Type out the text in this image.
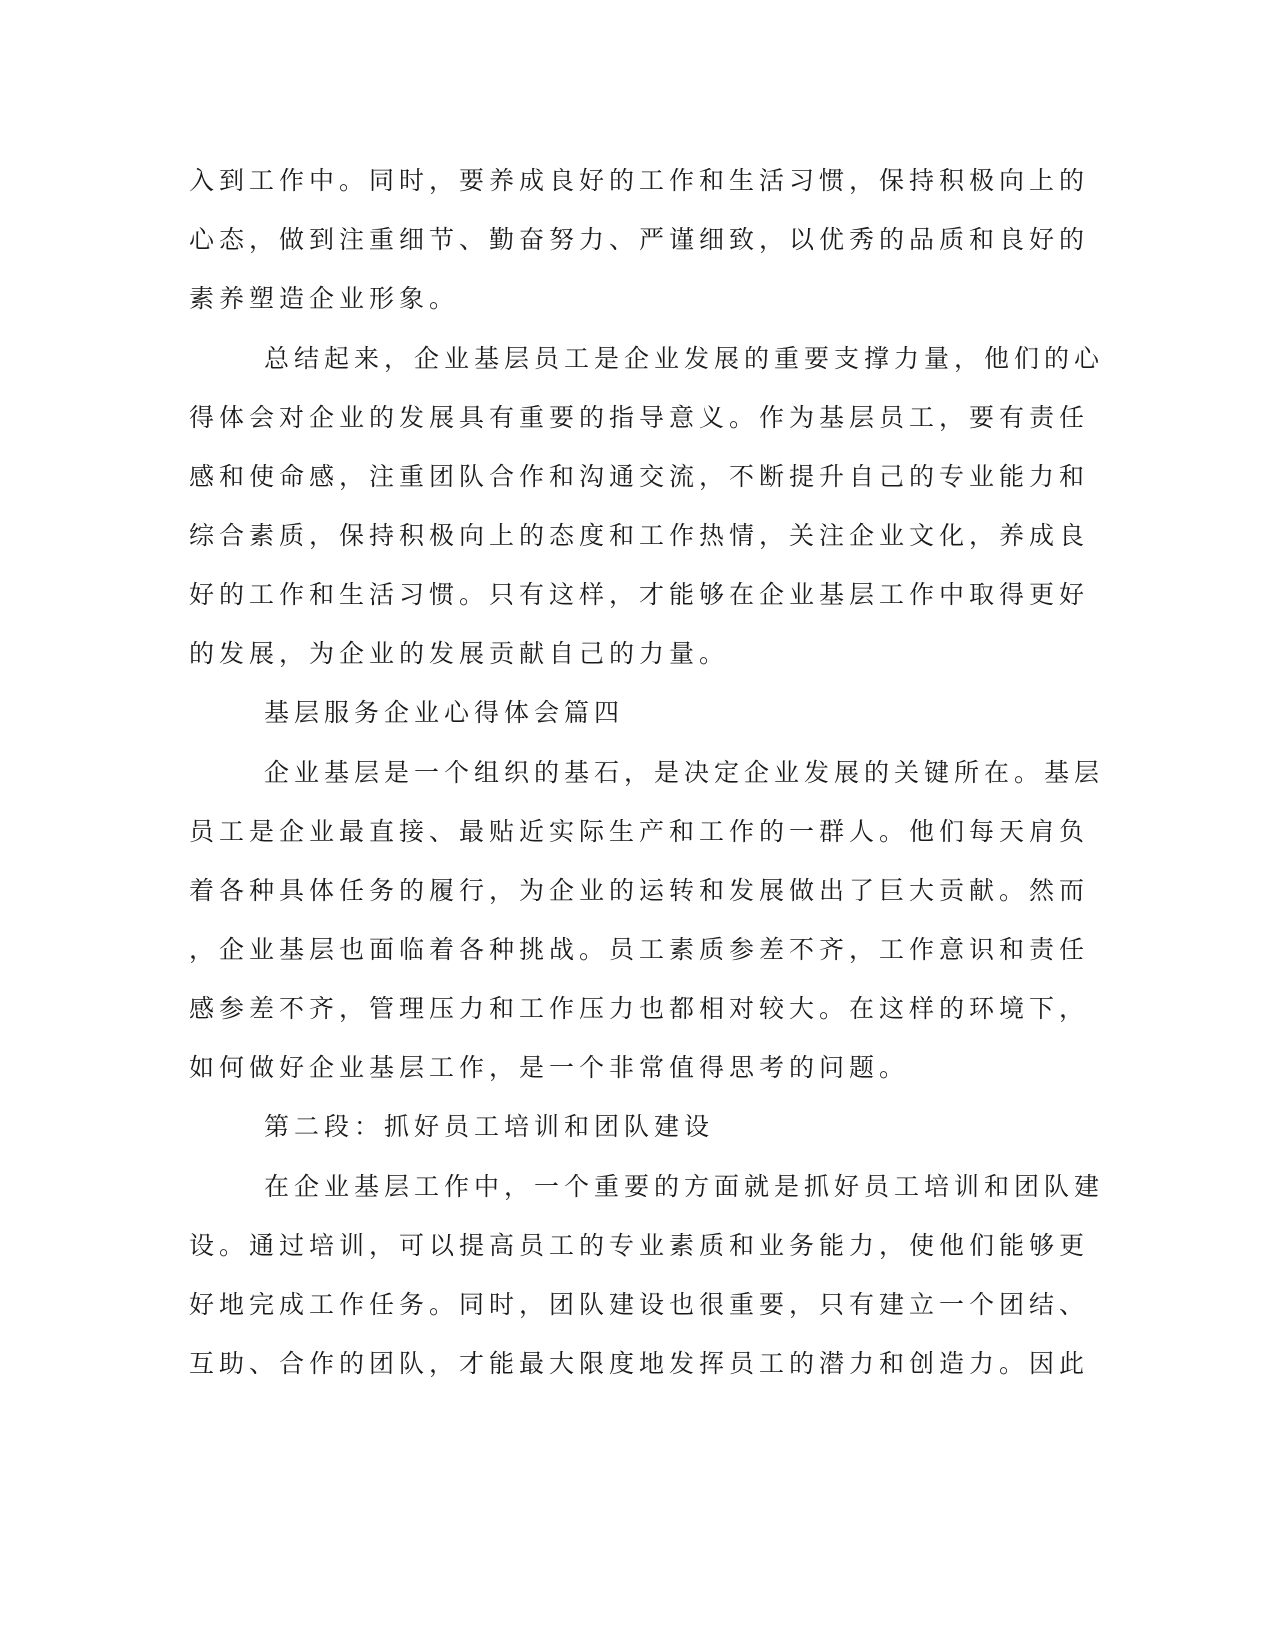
入到工作中。同时，要养成良好的工作和生活习惯，保持积极向上的
心态，做到注重细节、勤奋努力、严谨细致，以优秀的品质和良好的
素养塑造企业形象。
总结起来，企业基层员工是企业发展的重要支撑力量，他们的心
得体会对企业的发展具有重要的指导意义。作为基层员工，要有责任
感和使命感，注重团队合作和沟通交流，不断提升自己的专业能力和
综合素质，保持积极向上的态度和工作热情，关注企业文化，养成良
好的工作和生活习惯。只有这样，才能够在企业基层工作中取得更好
的发展，为企业的发展贡献自己的力量。
基层服务企业心得体会篇四
企业基层是一个组织的基石，是决定企业发展的关键所在。基层
员工是企业最直接、最贴近实际生产和工作的一群人。他们每天肩负
着各种具体任务的履行，为企业的运转和发展做出了巨大贡献。然而
，企业基层也面临着各种挑战。员工素质参差不齐，工作意识和责任
感参差不齐，管理压力和工作压力也都相对较大。在这样的环境下，
如何做好企业基层工作，是一个非常值得思考的问题。
第二段：抓好员工培训和团队建设
在企业基层工作中，一个重要的方面就是抓好员工培训和团队建
设。通过培训，可以提高员工的专业素质和业务能力，使他们能够更
好地完成工作任务。同时，团队建设也很重要，只有建立一个团结、
互助、合作的团队，才能最大限度地发挥员工的潜力和创造力。因此
